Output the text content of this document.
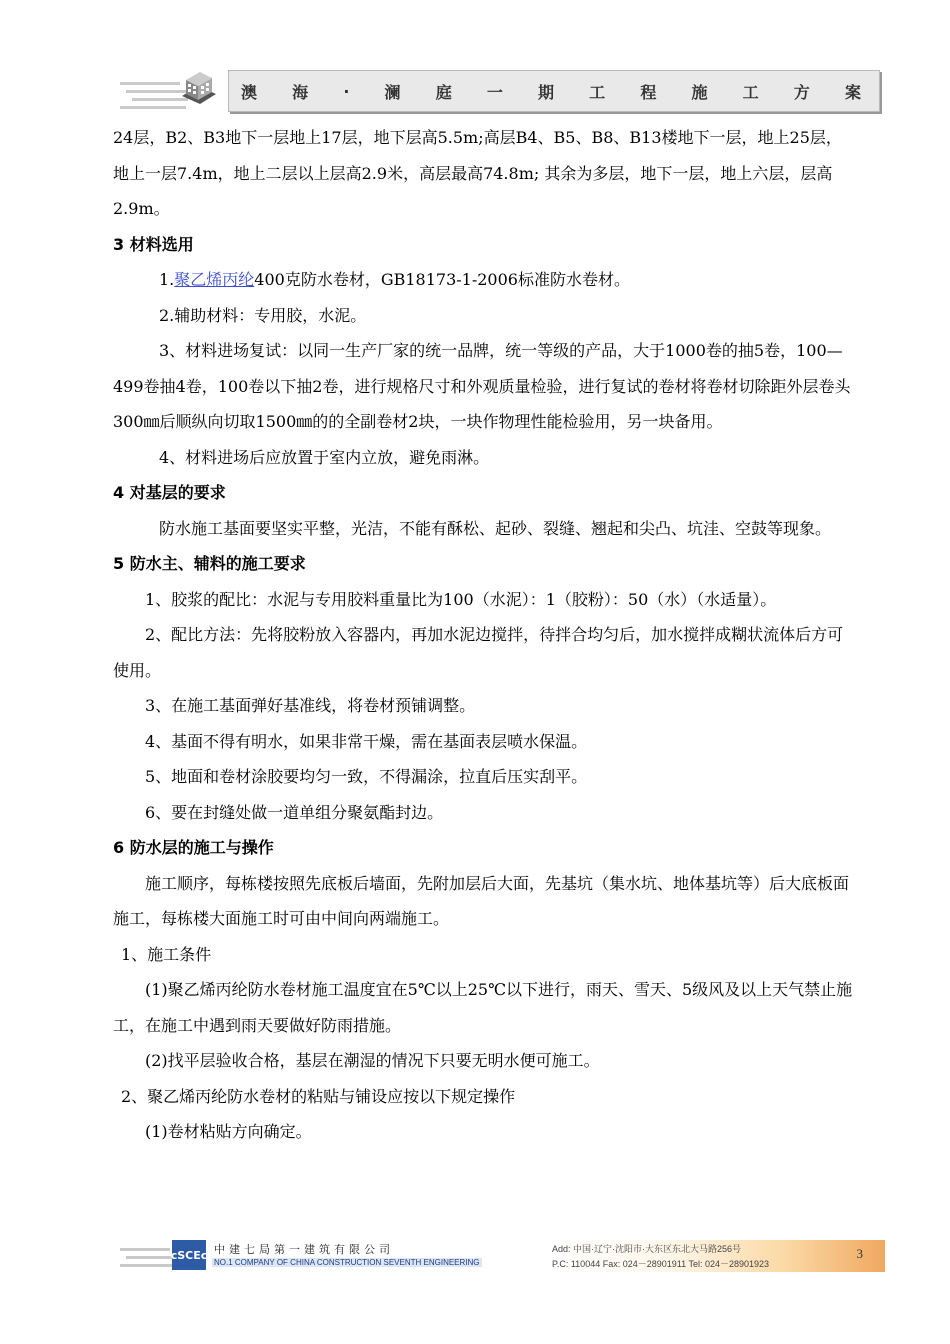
澳 海 · 澜 庭 一 期 工 程 施 工 方 案

24层，B2、B3地下一层地上17层，地下层高5.5m;高层B4、B5、B8、B13楼地下一层，地上25层，地上一层7.4m，地上二层以上层高2.9米，高层最高74.8m; 其余为多层，地下一层，地上六层，层高2.9m。

3 材料选用

1.聚乙烯丙纶400克防水卷材，GB18173-1-2006标准防水卷材。

2.辅助材料：专用胶，水泥。

3、材料进场复试：以同一生产厂家的统一品牌，统一等级的产品，大于1000卷的抽5卷，100—499卷抽4卷，100卷以下抽2卷，进行规格尺寸和外观质量检验，进行复试的卷材将卷材切除距外层卷头300㎜后顺纵向切取1500㎜的的全副卷材2块，一块作物理性能检验用，另一块备用。

4、材料进场后应放置于室内立放，避免雨淋。

4 对基层的要求

防水施工基面要坚实平整，光洁，不能有酥松、起砂、裂缝、翘起和尖凸、坑洼、空鼓等现象。

5 防水主、辅料的施工要求

1、胶浆的配比：水泥与专用胶料重量比为100（水泥）：1（胶粉）：50（水）（水适量）。

2、配比方法：先将胶粉放入容器内，再加水泥边搅拌，待拌合均匀后，加水搅拌成糊状流体后方可使用。

3、在施工基面弹好基准线，将卷材预铺调整。

4、基面不得有明水，如果非常干燥，需在基面表层喷水保温。

5、地面和卷材涂胶要均匀一致，不得漏涂，拉直后压实刮平。

6、要在封缝处做一道单组分聚氨酯封边。

6 防水层的施工与操作

施工顺序，每栋楼按照先底板后墙面，先附加层后大面，先基坑（集水坑、地体基坑等）后大底板面施工，每栋楼大面施工时可由中间向两端施工。

1、施工条件

(1)聚乙烯丙纶防水卷材施工温度宜在5℃以上25℃以下进行，雨天、雪天、5级风及以上天气禁止施工，在施工中遇到雨天要做好防雨措施。

(2)找平层验收合格，基层在潮湿的情况下只要无明水便可施工。

2、聚乙烯丙纶防水卷材的粘贴与铺设应按以下规定操作

(1)卷材粘贴方向确定。

cSCEc 中建七局第一建筑有限公司
NO.1 COMPANY OF CHINA CONSTRUCTION SEVENTH ENGINEERING
Add: 中国·辽宁·沈阳市·大东区东北大马路256号
P.C: 110044 Fax: 024－28901911 Tel: 024－28901923
3
